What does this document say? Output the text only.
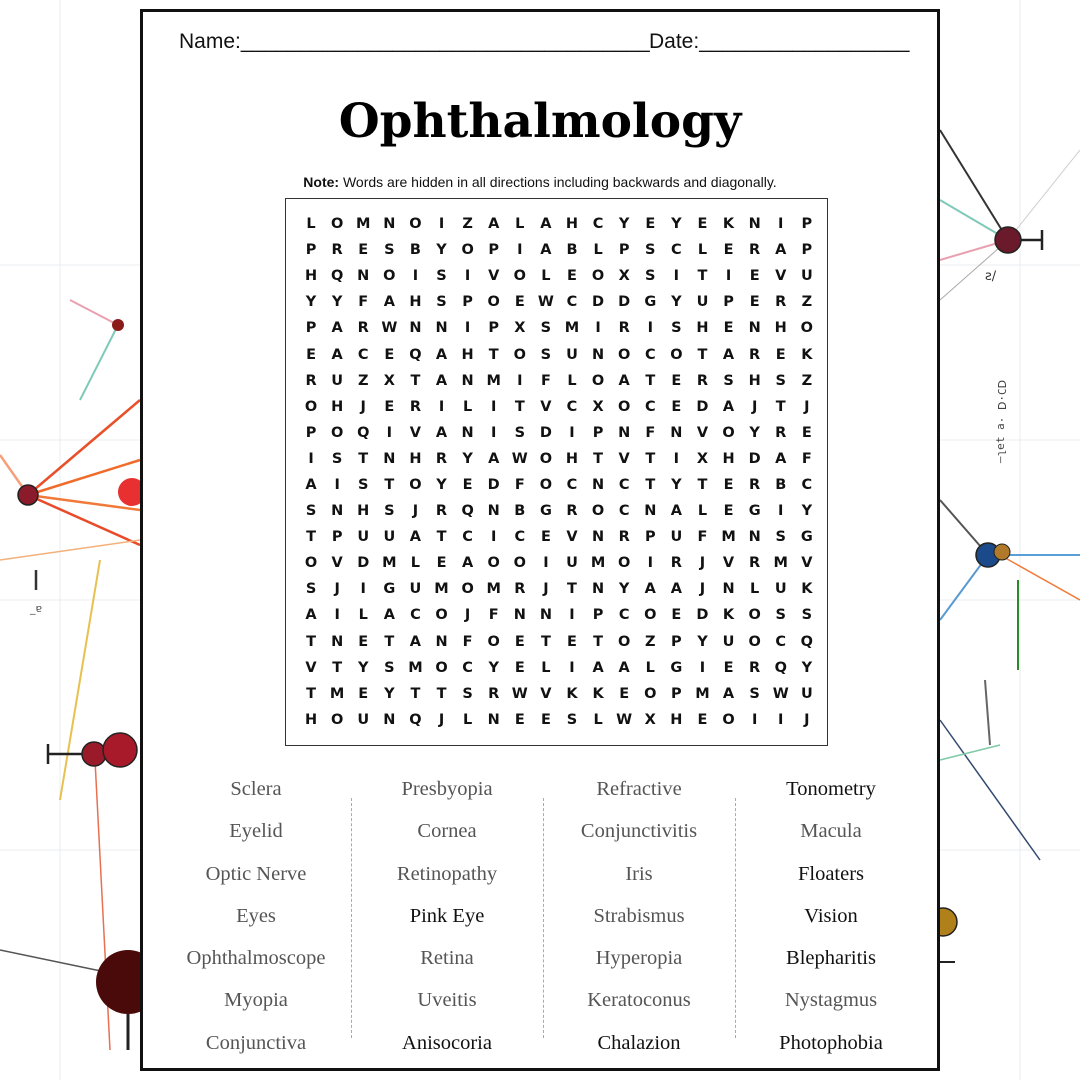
_ɐ
ƨ∕
ᗡƆ·ᗡ ·ɐ ʇǝl—
Name:___________________________________ Date:__________________
Ophthalmology
Note: Words are hidden in all directions including backwards and diagonally.
L	O M N O	I	Z	A	L	A H	C	Y	E	Y	E	K N	I	P
P	R	E	S	B	Y	O	P	I	A	B	L	P	S	C	L	E	R	A	P
H Q N O	I	S	I	V O	L	E	O X	S	I	T	I	E	V	U
Y	Y	F	A H	S	P	O	E W C	D D G	Y	U	P	E	R	Z
P	A	R W N N	I	P	X	S M	I	R	I	S	H	E	N H O
E	A	C	E	Q A H	T	O	S	U N O	C	O	T	A	R	E	K
R	U	Z	X	T	A N M	I	F	L	O A	T	E	R	S	H	S	Z
O H	J	E	R	I	L	I	T	V	C	X O	C	E	D A	J	T	J
P	O Q	I	V	A N	I	S	D	I	P	N	F	N V O	Y	R	E
I	S	T	N H R	Y	A W O H	T	V	T	I	X H D A	F
A	I	S	T	O	Y	E	D	F	O	C	N	C	T	Y	T	E	R	B	C
S	N H	S	J	R Q N	B	G	R O	C	N A	L	E	G	I	Y
T	P	U U	A	T	C	I	C	E	V N R	P	U	F M N	S	G
O V D M L	E	A O O	I	U M O	I	R	J	V	R M V
S	J	I	G U M O M R	J	T	N	Y	A	A	J	N	L	U	K
A	I	L	A	C	O	J	F	N N	I	P	C	O	E	D K O	S	S
T	N	E	T	A N	F	O	E	T	E	T	O	Z	P	Y	U O	C	Q
V	T	Y	S M O	C	Y	E	L	I	A	A	L	G	I	E	R Q	Y
T M E	Y	T	T	S	R W V	K	K	E	O	P M A	S W U
H O U N Q	J	L	N	E	E	S	L W X H	E	O	I	I	J
Sclera
Eyelid
Optic Nerve
Eyes
Ophthalmoscope
Myopia
Conjunctiva
Presbyopia
Cornea
Retinopathy
Pink Eye
Retina
Uveitis
Anisocoria
Refractive
Conjunctivitis
Iris
Strabismus
Hyperopia
Keratoconus
Chalazion
Tonometry
Macula
Floaters
Vision
Blepharitis
Nystagmus
Photophobia
